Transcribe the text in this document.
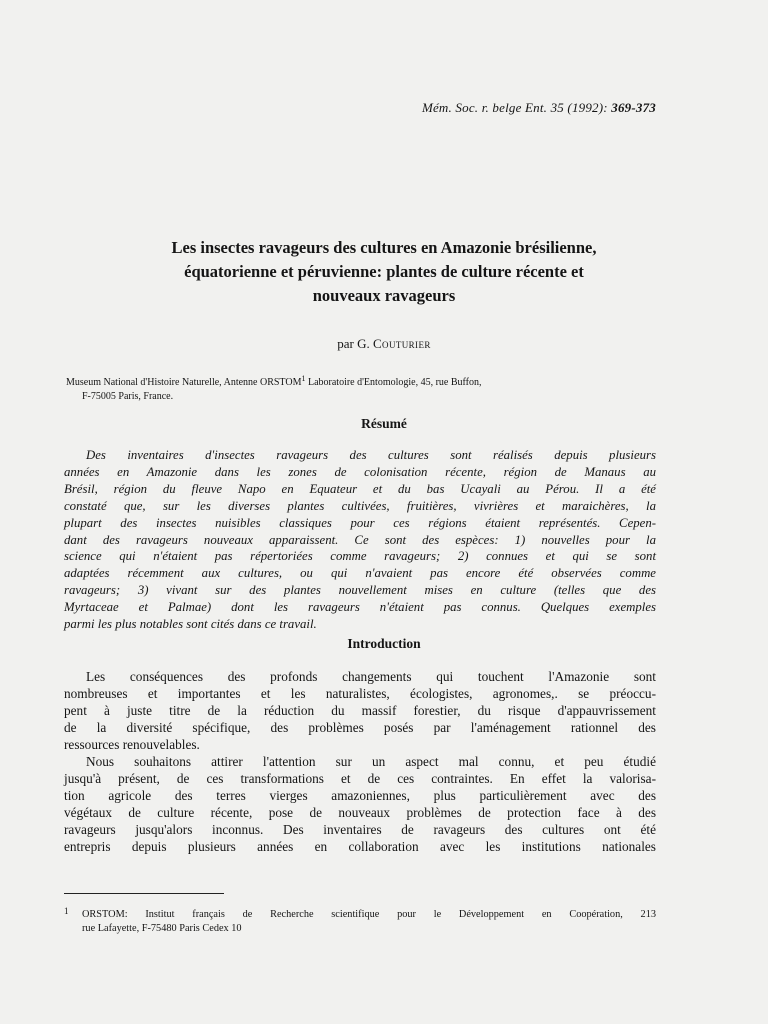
Mém. Soc. r. belge Ent. 35 (1992): 369-373
Les insectes ravageurs des cultures en Amazonie brésilienne,
équatorienne et péruvienne: plantes de culture récente et
nouveaux ravageurs
par G. Couturier
Museum National d'Histoire Naturelle, Antenne ORSTOM$^1$ Laboratoire d'Entomologie, 45, rue Buffon,
F-75005 Paris, France.
Résumé
Des inventaires d'insectes ravageurs des cultures sont réalisés depuis plusieurs
années en Amazonie dans les zones de colonisation récente, région de Manaus au
Brésil, région du fleuve Napo en Equateur et du bas Ucayali au Pérou. Il a été
constaté que, sur les diverses plantes cultivées, fruitières, vivrières et maraichères, la
plupart des insectes nuisibles classiques pour ces régions étaient représentés. Cepen-
dant des ravageurs nouveaux apparaissent. Ce sont des espèces: 1) nouvelles pour la
science qui n'étaient pas répertoriées comme ravageurs; 2) connues et qui se sont
adaptées récemment aux cultures, ou qui n'avaient pas encore été observées comme
ravageurs; 3) vivant sur des plantes nouvellement mises en culture (telles que des
Myrtaceae et Palmae) dont les ravageurs n'étaient pas connus. Quelques exemples
parmi les plus notables sont cités dans ce travail.
Introduction
Les conséquences des profonds changements qui touchent l'Amazonie sont
nombreuses et importantes et les naturalistes, écologistes, agronomes,. se préoccu-
pent à juste titre de la réduction du massif forestier, du risque d'appauvrissement
de la diversité spécifique, des problèmes posés par l'aménagement rationnel des
ressources renouvelables.
Nous souhaitons attirer l'attention sur un aspect mal connu, et peu étudié
jusqu'à présent, de ces transformations et de ces contraintes. En effet la valorisa-
tion agricole des terres vierges amazoniennes, plus particulièrement avec des
végétaux de culture récente, pose de nouveaux problèmes de protection face à des
ravageurs jusqu'alors inconnus. Des inventaires de ravageurs des cultures ont été
entrepris depuis plusieurs années en collaboration avec les institutions nationales
1	ORSTOM: Institut français de Recherche scientifique pour le Développement en Coopération, 213
rue Lafayette, F-75480 Paris Cedex 10
